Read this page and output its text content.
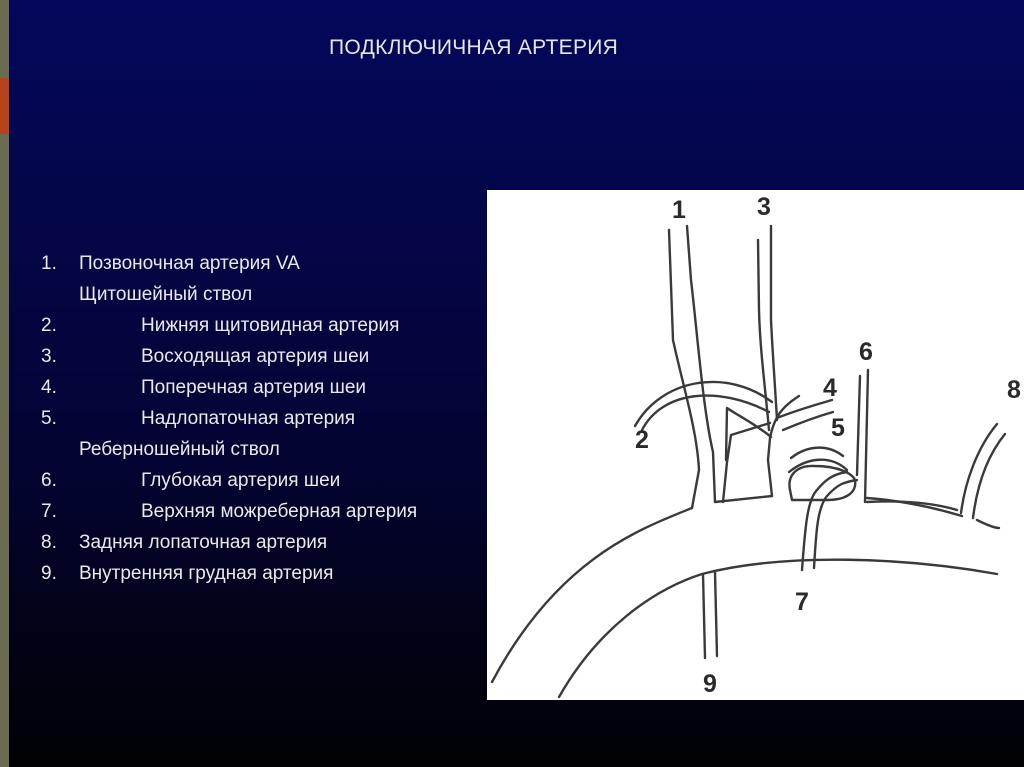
ПОДКЛЮЧИЧНАЯ АРТЕРИЯ
1. Позвоночная артерия VA
Щитошейный ствол
2.	Нижняя щитовидная артерия
3.	Восходящая артерия шеи
4.	Поперечная артерия шеи
5.	Надлопаточная артерия
Реберношейный ствол
6.	Глубокая артерия шеи
7.	Верхняя можреберная артерия
8. Задняя лопаточная артерия
9. Внутренняя грудная артерия
1
2
3
4
5
6
7
8
9
